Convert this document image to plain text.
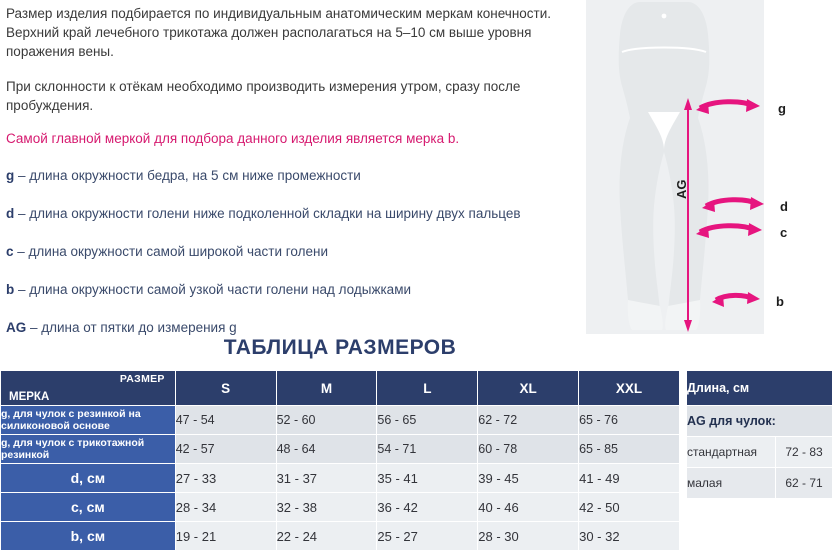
Размер изделия подбирается по индивидуальным анатомическим меркам конечности. Верхний край лечебного трикотажа должен располагаться на 5–10 см выше уровня поражения вены.

При склонности к отёкам необходимо производить измерения утром, сразу после пробуждения.

Самой главной меркой для подбора данного изделия является мерка b.

g – длина окружности бедра, на 5 см ниже промежности

d – длина окружности голени ниже подколенной складки на ширину двух пальцев

c – длина окружности самой широкой части голени

b – длина окружности самой узкой части голени над лодыжками

AG – длина от пятки до измерения g

g
d
c
b
AG
ТАБЛИЦА РАЗМЕРОВ
РАЗМЕР
МЕРКА	S	M	L	XL	XXL
g, для чулок с резинкой на силиконовой основе	47 - 54	52 - 60	56 - 65	62 - 72	65 - 76
g, для чулок с трикотажной резинкой	42 - 57	48 - 64	54 - 71	60 - 78	65 - 85
d, см	27 - 33	31 - 37	35 - 41	39 - 45	41 - 49
c, см	28 - 34	32 - 38	36 - 42	40 - 46	42 - 50
b, см	19 - 21	22 - 24	25 - 27	28 - 30	30 - 32
Длина, см	
AG для чулок:	
стандартная	72 - 83
малая	62 - 71
